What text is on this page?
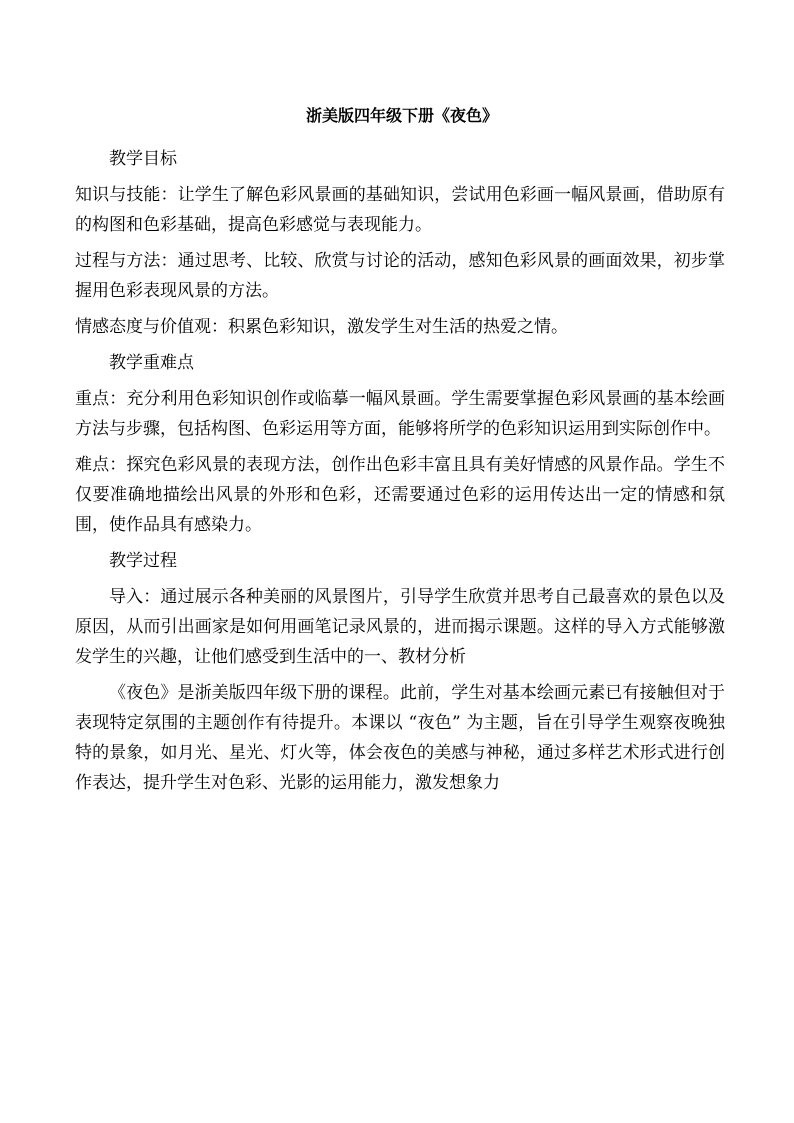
浙美版四年级下册《夜色》

教学目标

知识与技能：让学生了解色彩风景画的基础知识，尝试用色彩画一幅风景画，借助原有的构图和色彩基础，提高色彩感觉与表现能力。

过程与方法：通过思考、比较、欣赏与讨论的活动，感知色彩风景的画面效果，初步掌握用色彩表现风景的方法。

情感态度与价值观：积累色彩知识，激发学生对生活的热爱之情。

教学重难点

重点：充分利用色彩知识创作或临摹一幅风景画。学生需要掌握色彩风景画的基本绘画方法与步骤，包括构图、色彩运用等方面，能够将所学的色彩知识运用到实际创作中。

难点：探究色彩风景的表现方法，创作出色彩丰富且具有美好情感的风景作品。学生不仅要准确地描绘出风景的外形和色彩，还需要通过色彩的运用传达出一定的情感和氛围，使作品具有感染力。

教学过程

导入：通过展示各种美丽的风景图片，引导学生欣赏并思考自己最喜欢的景色以及原因，从而引出画家是如何用画笔记录风景的，进而揭示课题。这样的导入方式能够激发学生的兴趣，让他们感受到生活中的一、教材分析

《夜色》是浙美版四年级下册的课程。此前，学生对基本绘画元素已有接触但对于表现特定氛围的主题创作有待提升。本课以 “夜色” 为主题，旨在引导学生观察夜晚独特的景象，如月光、星光、灯火等，体会夜色的美感与神秘，通过多样艺术形式进行创作表达，提升学生对色彩、光影的运用能力，激发想象力
